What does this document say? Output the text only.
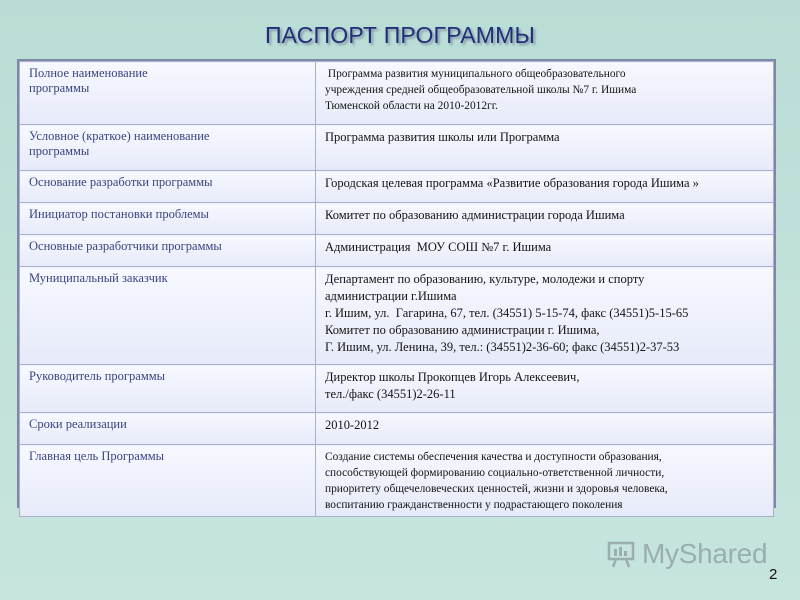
ПАСПОРТ ПРОГРАММЫ
Полное наименование
программы	Программа развития муниципального общеобразовательного
учреждения средней общеобразовательной школы №7 г. Ишима
Тюменской области на 2010-2012гг.

Условное (краткое) наименование
программы	Программа развития школы или Программа

Основание разработки программы	Городская целевая программа «Развитие образования города Ишима »

Инициатор постановки проблемы	Комитет по образованию администрации города Ишима

Основные разработчики программы	Администрация  МОУ СОШ №7 г. Ишима

Муниципальный заказчик	Департамент по образованию, культуре, молодежи и спорту
администрации г.Ишима
г. Ишим, ул.  Гагарина, 67, тел. (34551) 5-15-74, факс (34551)5-15-65
Комитет по образованию администрации г. Ишима,
Г. Ишим, ул. Ленина, 39, тел.: (34551)2-36-60; факс (34551)2-37-53

Руководитель программы	Директор школы Прокопцев Игорь Алексеевич,
тел./факс (34551)2-26-11

Сроки реализации	2010-2012

Главная цель Программы	Создание системы обеспечения качества и доступности образования,
способствующей формированию социально-ответственной личности,
приоритету общечеловеческих ценностей, жизни и здоровья человека,
воспитанию гражданственности у подрастающего поколения
MyShared
2
